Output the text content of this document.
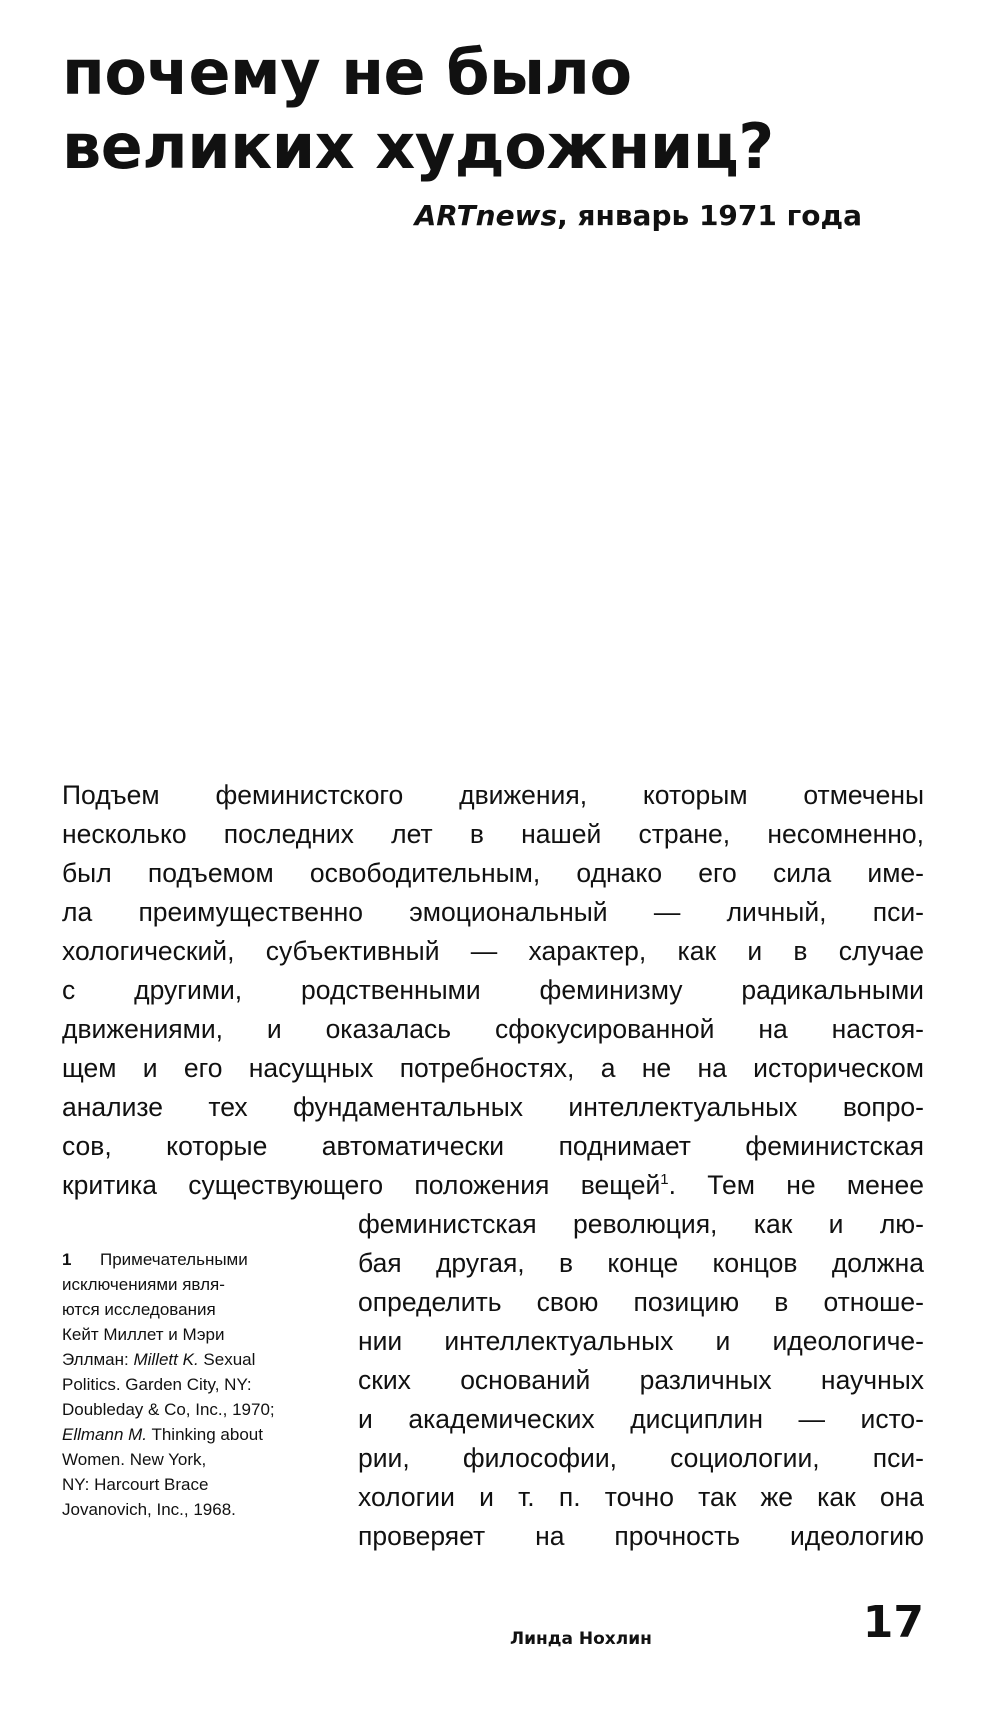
почему не было
великих художниц?
ARTnews, январь 1971 года
Подъем феминистского движения, которым отмечены
несколько последних лет в нашей стране, несомненно,
был подъемом освободительным, однако его сила име-
ла преимущественно эмоциональный — личный, пси-
хологический, субъективный — характер, как и в случае
с другими, родственными феминизму радикальными
движениями, и оказалась сфокусированной на настоя-
щем и его насущных потребностях, а не на историческом
анализе тех фундаментальных интеллектуальных вопро-
сов, которые автоматически поднимает феминистская
критика существующего положения вещей$^1$. Тем не менее
феминистская революция, как и лю-
бая другая, в конце концов должна
определить свою позицию в отноше-
нии интеллектуальных и идеологиче-
ских оснований различных научных
и академических дисциплин — исто-
рии, философии, социологии, пси-
хологии и т. п. точно так же как она
проверяет на прочность идеологию
1 Примечательными
исключениями явля-
ются исследования
Кейт Миллет и Мэри
Эллман: Millett K. Sexual
Politics. Garden City, NY:
Doubleday & Co, Inc., 1970;
Ellmann M. Thinking about
Women. New York,
NY: Harcourt Brace
Jovanovich, Inc., 1968.
Линда Нохлин	17
